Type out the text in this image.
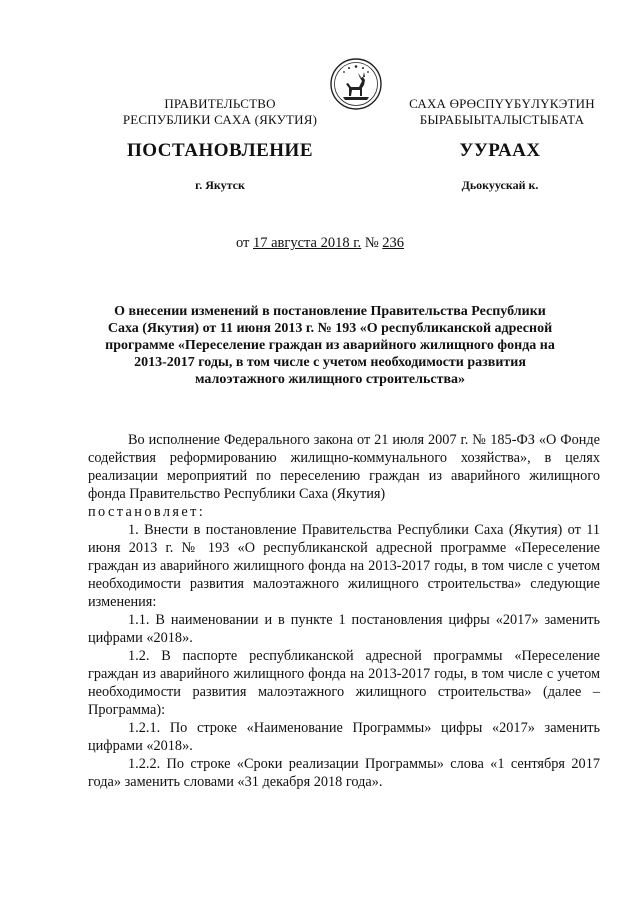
ПРАВИТЕЛЬСТВО
РЕСПУБЛИКИ САХА (ЯКУТИЯ)
САХА ӨРӨСПҮҮБҮЛҮКЭТИН
БЫРАБЫЫТАЛЫСТЫБАТА
ПОСТАНОВЛЕНИЕ	УУРААХ
г. Якутск	Дьокуускай к.
от 17 августа 2018 г. № 236
О внесении изменений в постановление Правительства Республики
Саха (Якутия) от 11 июня 2013 г. № 193 «О республиканской адресной
программе «Переселение граждан из аварийного жилищного фонда на
2013-2017 годы, в том числе с учетом необходимости развития
малоэтажного жилищного строительства»

Во исполнение Федерального закона от 21 июля 2007 г. № 185-ФЗ «О Фонде содействия реформированию жилищно-коммунального хозяйства», в целях реализации мероприятий по переселению граждан из аварийного жилищного фонда Правительство Республики Саха (Якутия)

постановляет:

1. Внести в постановление Правительства Республики Саха (Якутия) от 11 июня 2013 г. № 193 «О республиканской адресной программе «Переселение граждан из аварийного жилищного фонда на 2013-2017 годы, в том числе с учетом необходимости развития малоэтажного жилищного строительства» следующие изменения:

1.1. В наименовании и в пункте 1 постановления цифры «2017» заменить цифрами «2018».

1.2. В паспорте республиканской адресной программы «Переселение граждан из аварийного жилищного фонда на 2013-2017 годы, в том числе с учетом необходимости развития малоэтажного жилищного строительства» (далее – Программа):

1.2.1. По строке «Наименование Программы» цифры «2017» заменить цифрами «2018».

1.2.2. По строке «Сроки реализации Программы» слова «1 сентября 2017 года» заменить словами «31 декабря 2018 года».
